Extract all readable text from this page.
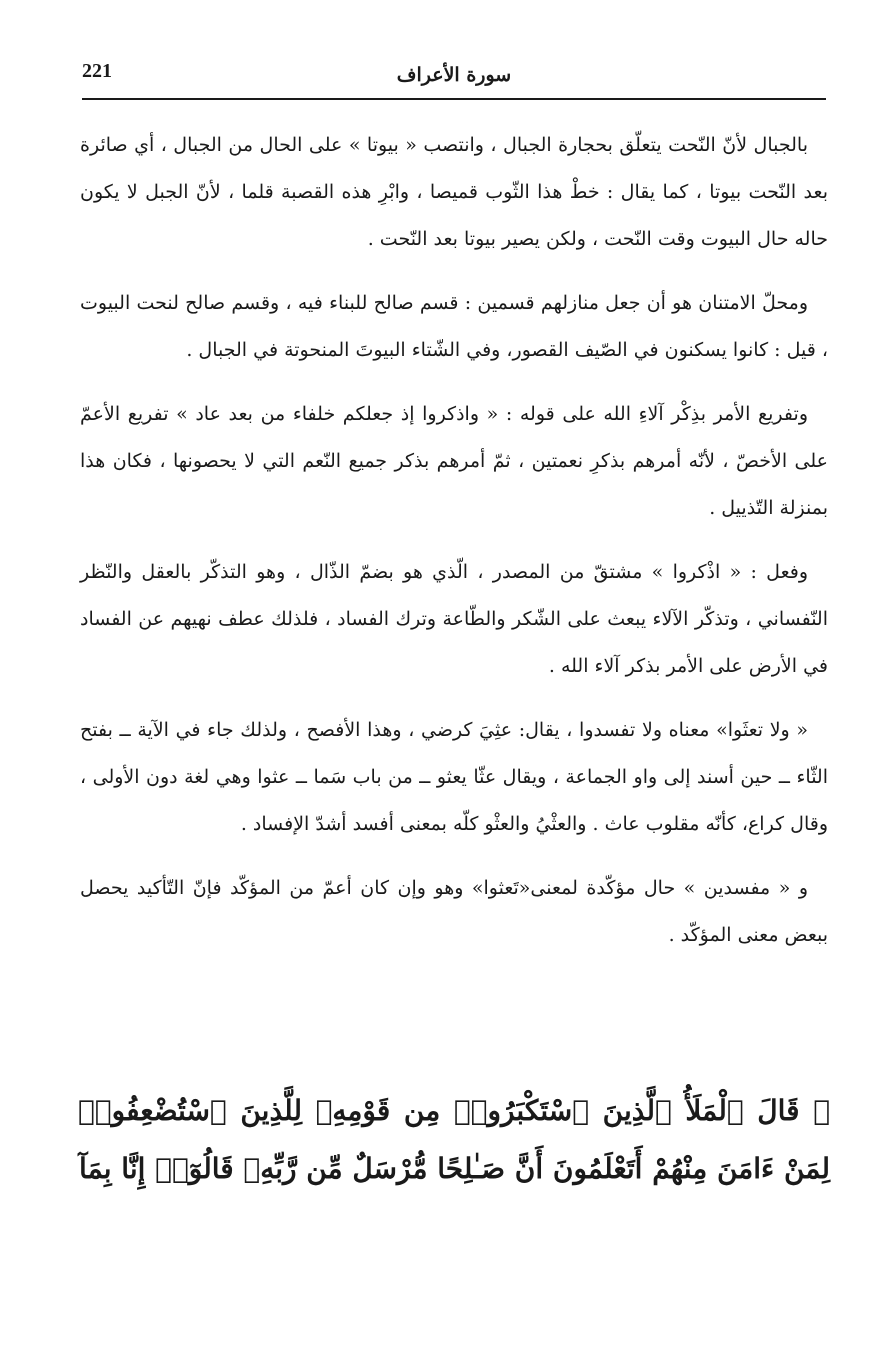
221	سورة الأعراف

بالجبال لأنّ النّحت يتعلّق بحجارة الجبال ، وانتصب « بيوتا » على الحال من الجبال ، أي صائرة بعد النّحت بيوتا ، كما يقال : خطْ هذا الثّوب قميصا ، وابْرِ هذه القصبة قلما ، لأنّ الجبل لا يكون حاله حال البيوت وقت النّحت ، ولكن يصير بيوتا بعد النّحت .

ومحلّ الامتنان هو أن جعل منازلهم قسمين : قسم صالح للبناء فيه ، وقسم صالح لنحت البيوت ، قيل : كانوا يسكنون في الصّيف القصور، وفي الشّتاء البيوتَ المنحوتة في الجبال .

وتفريع الأمر بذِكْر آلاءِ الله على قوله : « واذكروا إذ جعلكم خلفاء من بعد عاد » تفريع الأعمّ على الأخصّ ، لأنّه أمرهم بذكرِ نعمتين ، ثمّ أمرهم بذكر جميع النّعم التي لا يحصونها ، فكان هذا بمنزلة التّذييل .

وفعل : « اذْكروا » مشتقّ من المصدر ، الّذي هو بضمّ الذّال ، وهو التذكّر بالعقل والنّظر النّفساني ، وتذكّر الآلاء يبعث على الشّكر والطّاعة وترك الفساد ، فلذلك عطف نهيهم عن الفساد في الأرض على الأمر بذكر آلاء الله .

« ولا تعثَوا» معناه ولا تفسدوا ، يقال: عثِيَ كرضي ، وهذا الأفصح ، ولذلك جاء في الآية ــ بفتح الثّاء ــ حين أسند إلى واو الجماعة ، ويقال عثّا يعثو ــ من باب سَما ــ عثوا وهي لغة دون الأولى ، وقال كراع، كأنّه مقلوب عاث . والعثْيُ والعثْو كلّه بمعنى أفسد أشدّ الإفساد .

و « مفسدين » حال مؤكّدة لمعنى«تَعثوا» وهو وإن كان أعمّ من المؤكّد فإنّ التّأكيد يحصل ببعض معنى المؤكّد .

﴿ قَالَ ٱلْمَلَأُ ٱلَّذِينَ ٱسْتَكْبَرُوا۟ مِن قَوْمِهِۦ لِلَّذِينَ ٱسْتُضْعِفُوا۟ لِمَنْ ءَامَنَ مِنْهُمْ أَتَعْلَمُونَ أَنَّ صَـٰلِحًا مُّرْسَلٌ مِّن رَّبِّهِۦ قَالُوٓا۟ إِنَّا بِمَآ
